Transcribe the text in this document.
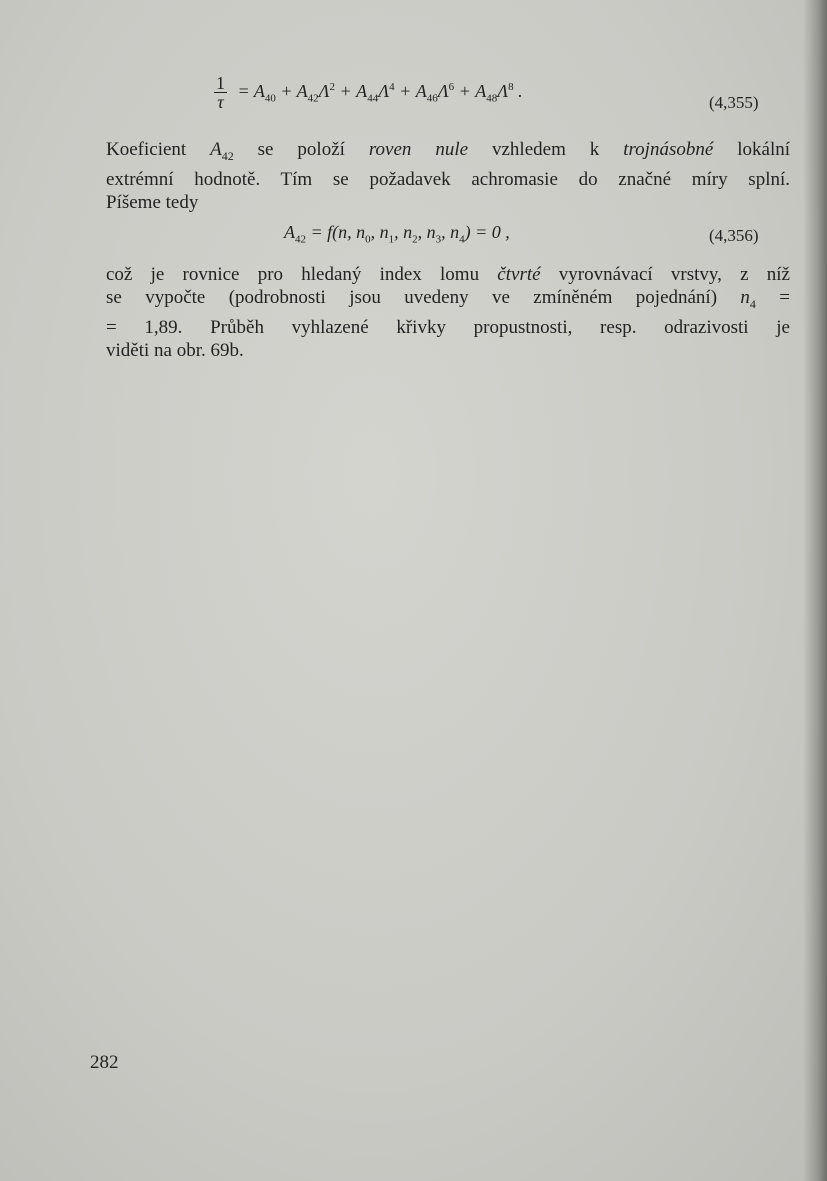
$\frac{1}{\tau} = A_{40} + A_{42}\Lambda^2 + A_{44}\Lambda^4 + A_{46}\Lambda^6 + A_{48}\Lambda^8$ .
(4,355)
Koeficient $A_{42}$ se položí roven nule vzhledem k trojnásobné lokální
extrémní hodnotě. Tím se požadavek achromasie do značné míry splní.
Píšeme tedy
$A_{42} = f(n$, $n_0$, $n_1$, $n_2$, $n_3$, $n_4) = 0$ ,	(4,356)
což je rovnice pro hledaný index lomu čtvrté vyrovnávací vrstvy, z níž
se vypočte (podrobnosti jsou uvedeny ve zmíněném pojednání) $n_4$ =
= 1,89. Průběh vyhlazené křivky propustnosti, resp. odrazivosti je
viděti na obr. 69b.
282
